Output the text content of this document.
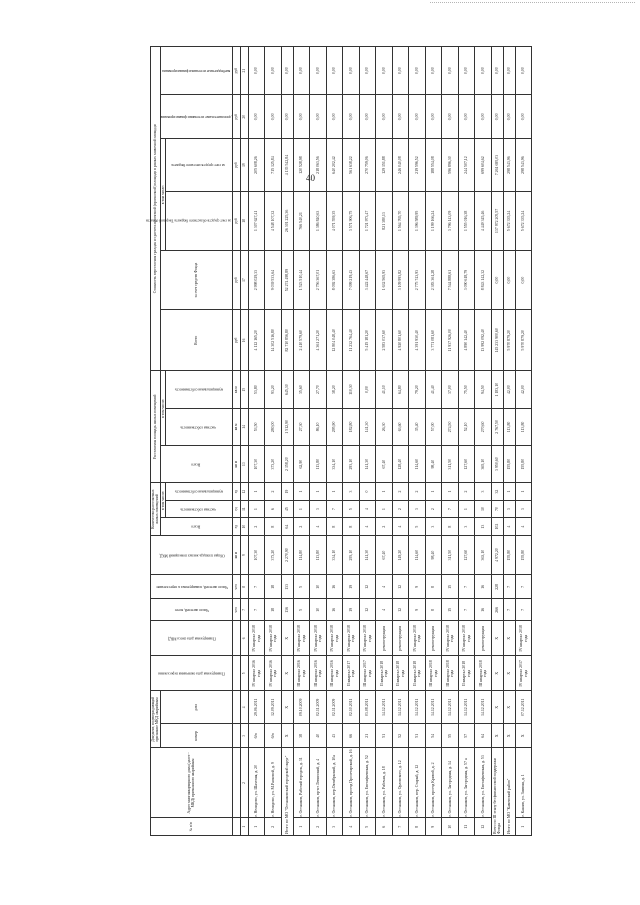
40
№ п/п	Адрес многоквартирного дома (далее - МКД) признанного аварийным	Документ, подтверждающий признание МКД аварийным		Планируемая дата окончания переселения	Планируемая дата сноса МКД	Число жителей, всего	Число жителей, планируемых к переселению	Общая площадь жилых помещений МКД	Количество расселяемых жилых помещений			Расселяемая площадь жилых помещений			Стоимость переселения граждан из расчета проектной (прогнозной) площади в рамках заявочной площади					
		номер	дата						Всего	в том числе:		Всего	в том числе:		Всего	за счет средств Фонда	в том числе:		дополнительные источники финансирования	внебюджетные источники финансирования
										частная собственность	муниципальная собственность		частная собственность	муниципальная собственность			за счет средств областного бюджета Тверской области	за счет средств местного бюджета		
						чел	чел	кв м	ед	ед	ед	кв м	кв м	кв м	руб	руб	руб	руб	руб	руб
1	2	3	4	5	6	7	8	9	10	11	12	13	14	15	16	17	18	19	20	21
1	г. Нелидово, ул. Шахтная, д. 20	б/н	29.06.2011	IV квартал 2016 года	IV квартал 2018 года	7	7	107,30	2	1	1	107,30	53,50	53,80	4 112 165,20	2 998 029,33	1 307 627,41	205 608,26	0,00	0,00
2	г. Нелидово, ул. М.Расковой, д. 9	б/н	12.09.2011	IV квартал 2016 года	IV квартал 2018 года	18	18	373,20	8	6	2	373,20	280,00	93,20	14 302 516,80	9 039 533,64	4 548 107,32	715 125,84	0,00	0,00
Итого по МО "Осташковский городской округ"		X	X	X	X	136	133	2 270,90	64	45	19	2 158,20	1 512,90	645,30	82 710 856,80	52 274 498,89	26 301 225,36	4 135 542,84	0,00	0,00
1	г. Осташков, Рабочий городок, д. 31	38	09.10.2009	III квартал 2016 года	IV квартал 2018 года	5	5	114,80	2	1	1	62,90	27,30	35,60	2 410 579,60	1 523 510,44	766 540,21	120 528,98	0,00	0,00
2	г. Осташков, пр-кт Ленинский, д. 4	40	02.11.2009	III квартал 2016 года	IV квартал 2018 года	10	10	113,80	4	3	1	113,80	86,10	27,70	4 361 271,20	2 756 367,01	1 386 840,63	218 063,56	0,00	0,00
3	г. Осташков, пер.Октябрьский, д. 10а	43	02.11.2009	III квартал 2016 года	IV квартал 2018 года	16	16	334,10	8	7	1	334,10	295,90	38,20	12 804 048,40	8 092 386,63	4 071 559,35	640 202,42	0,00	0,00
4	г. Осташков, проезд Пролетарский, д. 16	66	02.10.2011	II квартал 2017 года	IV квартал 2018 года	19	19	293,10	8	5	3	293,10	182,80	110,30	11 232 764,40	7 099 219,43	3 571 906,75	561 638,22	0,00	0,00
5	г. Осташков, ул. Евстафьевская, д. 52	21	03.08.2011	III квартал 2017 года	IV квартал 2018 года	12	12	141,30	4	4	0	141,30	141,30	0,00	5 415 181,20	3 422 448,67	1 721 973,47	270 759,06	0,00	0,00
6	г. Осташков, ул. Рабочая, д. 18	51	14.12.2011	II квартал 2018 года	реконструкция	4	4	67,40	2	1	1	67,40	26,30	41,10	2 583 037,60	1 632 565,93	821 380,13	129 151,88	0,00	0,00
7	г. Осташков, ул. Орловского, д. 12	52	14.12.2011	II квартал 2018 года	реконструкция	12	12	149,20	4	2	2	128,40	63,60	64,80	4 920 801,60	3 109 993,82	1 564 765,70	246 040,08	0,00	0,00
8	г. Осташков, пер. Старый, д. 12	51	14.12.2011	II квартал 2018 года	IV квартал 2018 года	9	9	114,60	5	3	2	114,60	35,40	79,20	4 391 930,40	2 775 743,93	1 396 589,95	219 596,52	0,00	0,00
9	г. Осташков, проезд Кривой, д. 2	54	14.12.2011	III квартал 2018 года	реконструкция	8	8	98,40	3	2	1	98,40	57,00	41,40	3 771 081,60	2 383 361,28	1 199 166,24	188 554,08	0,00	0,00
10	г. Осташков, ул. Загородная, д. 14	55	14.12.2011	III квартал 2018 года	IV квартал 2018 года	15	15	311,50	8	7	1	311,50	274,50	37,00	11 937 926,00	7 544 888,61	3 796 143,09	596 896,30	0,00	0,00
11	г. Осташков, ул. Загородная, д. 57 а	57	14.12.2011	II квартал 2018 года	IV квартал 2018 года	7	7	127,60	3	1	2	127,60	52,10	75,50	4 890 142,40	3 090 618,79	1 555 016,38	244 507,12	0,00	0,00
12	г. Осташков, ул. Евстафьевская, д. 53	64	14.12.2011	III квартал 2018 года	реконструкция	16	16	363,10	13	10	3	365,10	270,60	94,50	13 992 092,40	8 843 142,32	4 449 345,46	699 604,62	0,00	0,00
Всего по III этапу без финансовой поддержки Фонда		X	X	X	X	266	228	4 972,20	102	70	32	3 950,60	2 767,50	1 183,10	145 233 900,60	0,00	137 972 205,57	7 261 695,03	0,00	0,00
Итого по МО "Каменский район"		X	X	X	X	7	7	155,80	4	3	1	155,80	113,80	42,00	5 970 879,20	0,00	5 672 335,24	298 543,96	0,00	0,00
1	г. Кашин, ул. Зимняя, д. 1	X	07.12.2011	IV квартал 2017 года	IV квартал 2018 года	7	7	155,80	4	3	1	155,80	113,80	42,00	5 970 879,20	0,00	5 672 335,24	298 543,96	0,00	0,00
